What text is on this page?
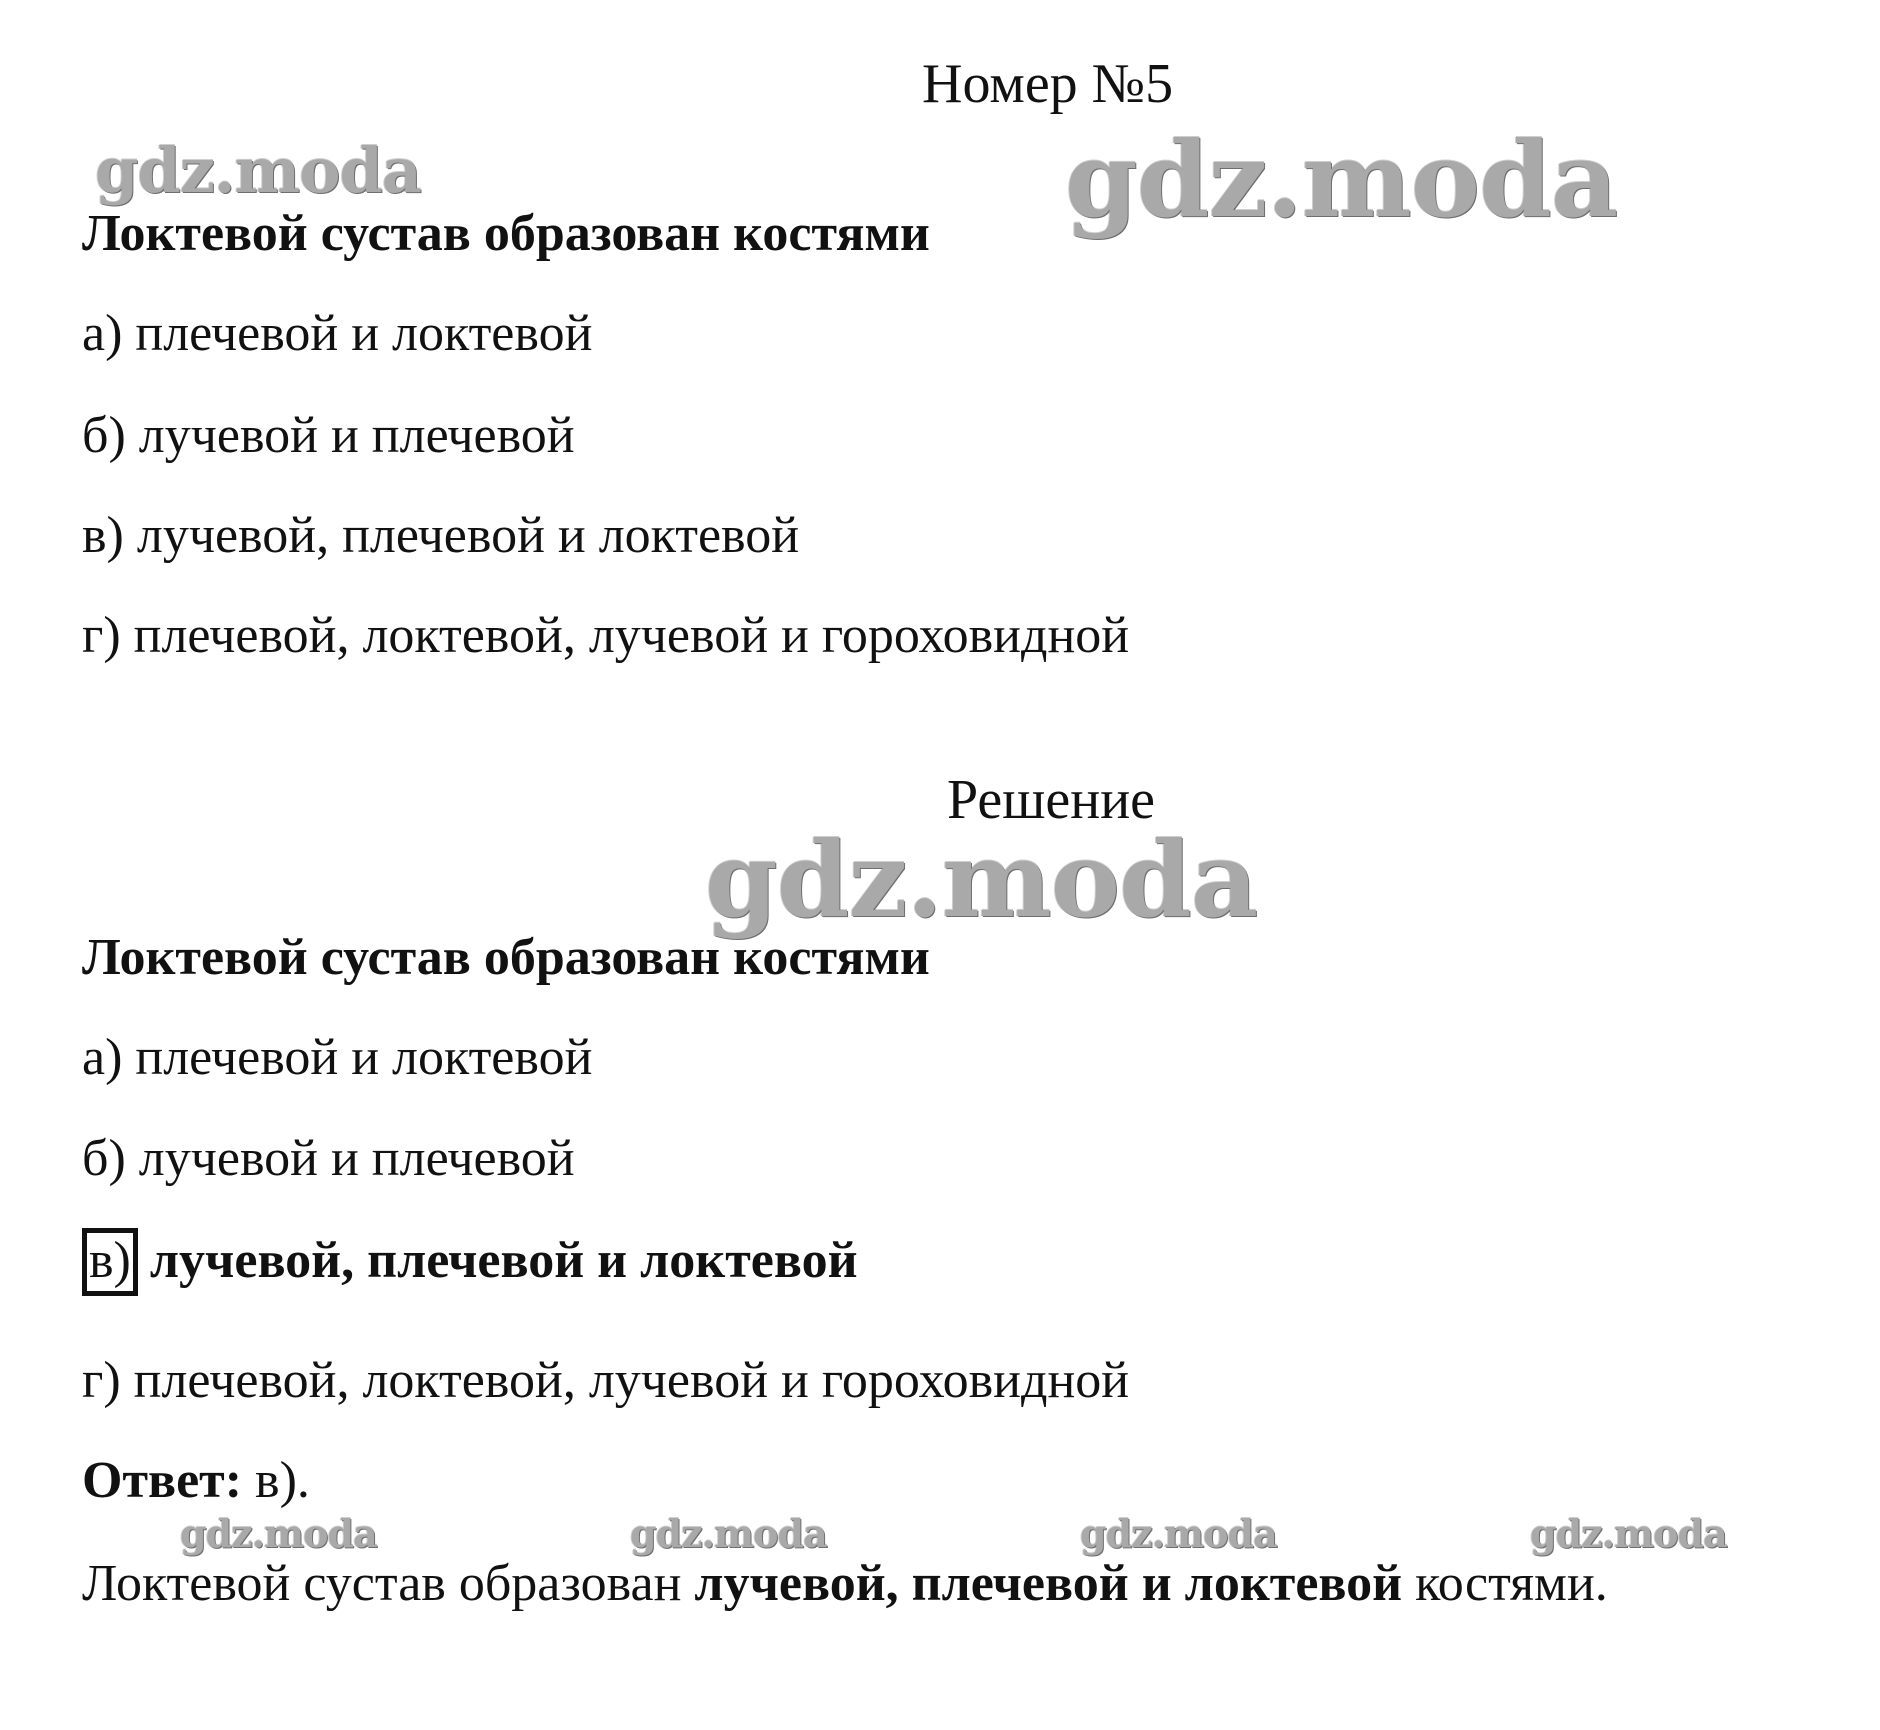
Номер №5
gdz.moda	gdz.moda
gdz.moda
gdz.moda	gdz.moda	gdz.moda	gdz.moda
Локтевой сустав образован костями
а) плечевой и локтевой
б) лучевой и плечевой
в) лучевой, плечевой и локтевой
г) плечевой, локтевой, лучевой и гороховидной
Решение
Локтевой сустав образован костями
а) плечевой и локтевой
б) лучевой и плечевой
в) лучевой, плечевой и локтевой
г) плечевой, локтевой, лучевой и гороховидной
Ответ: в).
Локтевой сустав образован лучевой, плечевой и локтевой костями.
